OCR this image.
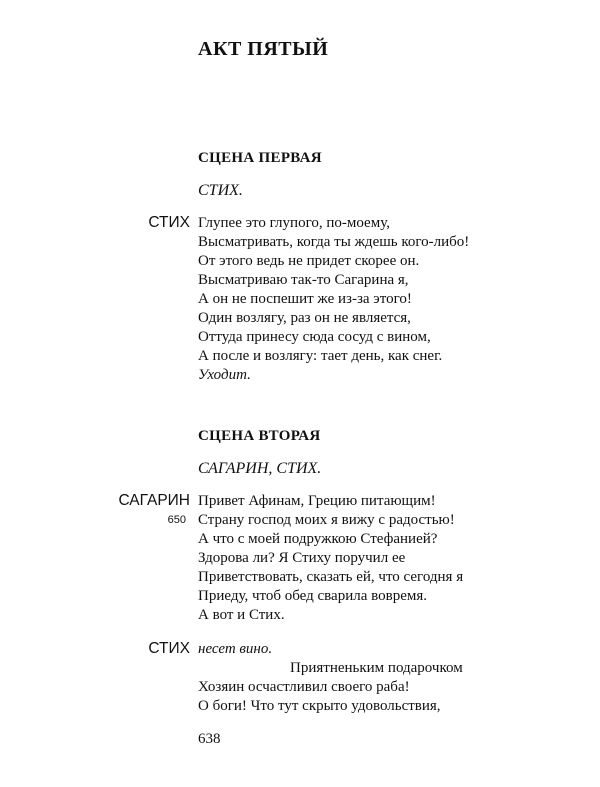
АКТ ПЯТЫЙ
СЦЕНА ПЕРВАЯ
СТИХ.
СТИХ Глупее это глупого, по-моему,
Высматривать, когда ты ждешь кого-либо!
От этого ведь не придет скорее он.
Высматриваю так-то Сагарина я,
А он не поспешит же из-за этого!
Один возлягу, раз он не является,
Оттуда принесу сюда сосуд с вином,
А после и возлягу: тает день, как снег.
Уходит.
СЦЕНА ВТОРАЯ
САГАРИН, СТИХ.
САГАРИН
650
Привет Афинам, Грецию питающим!
Страну господ моих я вижу с радостью!
А что с моей подружкою Стефанией?
Здорова ли? Я Стиху поручил ее
Приветствовать, сказать ей, что сегодня я
Приеду, чтоб обед сварила вовремя.
А вот и Стих.
СТИХ несет вино.
Приятненьким подарочком
Хозяин осчастливил своего раба!
О боги! Что тут скрыто удовольствия,
638
